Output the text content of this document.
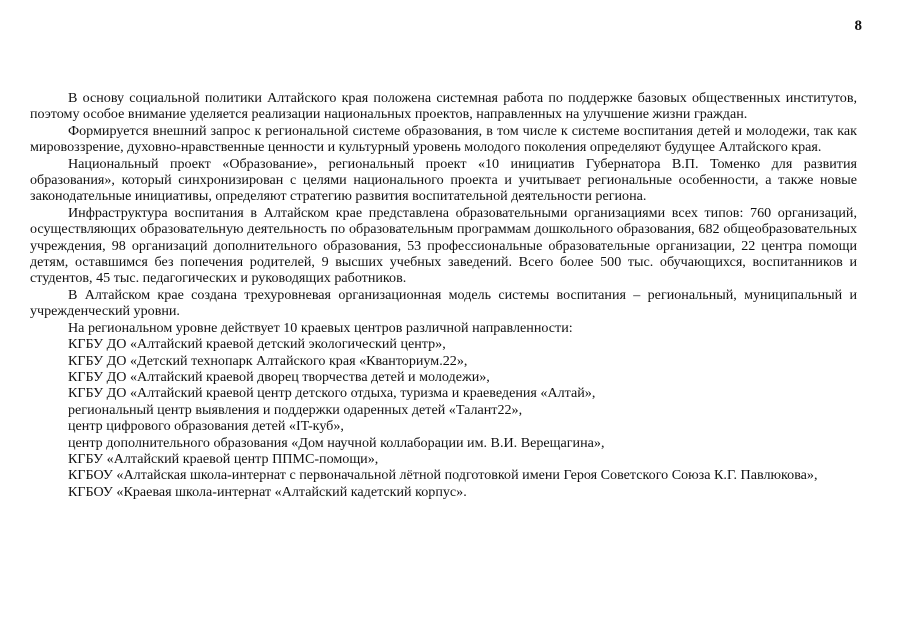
8

В основу социальной политики Алтайского края положена системная работа по поддержке базовых общественных институтов, поэтому особое внимание уделяется реализации национальных проектов, направленных на улучшение жизни граждан.

Формируется внешний запрос к региональной системе образования, в том числе к системе воспитания детей и молодежи, так как мировоззрение, духовно-нравственные ценности и культурный уровень молодого поколения определяют будущее Алтайского края.

Национальный проект «Образование», региональный проект «10 инициатив Губернатора В.П. Томенко для развития образования», который синхронизирован с целями национального проекта и учитывает региональные особенности, а также новые законодательные инициативы, определяют стратегию развития воспитательной деятельности региона.

Инфраструктура воспитания в Алтайском крае представлена образовательными организациями всех типов: 760 организаций, осуществляющих образовательную деятельность по образовательным программам дошкольного образования, 682 общеобразовательных учреждения, 98 организаций дополнительного образования, 53 профессиональные образовательные организации, 22 центра помощи детям, оставшимся без попечения родителей, 9 высших учебных заведений. Всего более 500 тыс. обучающихся, воспитанников и студентов, 45 тыс. педагогических и руководящих работников.

В Алтайском крае создана трехуровневая организационная модель системы воспитания – региональный, муниципальный и учрежденческий уровни.

На региональном уровне действует 10 краевых центров различной направленности:

КГБУ ДО «Алтайский краевой детский экологический центр»,
КГБУ ДО «Детский технопарк Алтайского края «Кванториум.22»,
КГБУ ДО «Алтайский краевой дворец творчества детей и молодежи»,
КГБУ ДО «Алтайский краевой центр детского отдыха, туризма и краеведения «Алтай»,
региональный центр выявления и поддержки одаренных детей «Талант22»,
центр цифрового образования детей «IT-куб»,
центр дополнительного образования «Дом научной коллаборации им. В.И. Верещагина»,
КГБУ «Алтайский краевой центр ППМС-помощи»,
КГБОУ «Алтайская школа-интернат с первоначальной лётной подготовкой имени Героя Советского Союза К.Г. Павлюкова»,
КГБОУ «Краевая школа-интернат «Алтайский кадетский корпус».
